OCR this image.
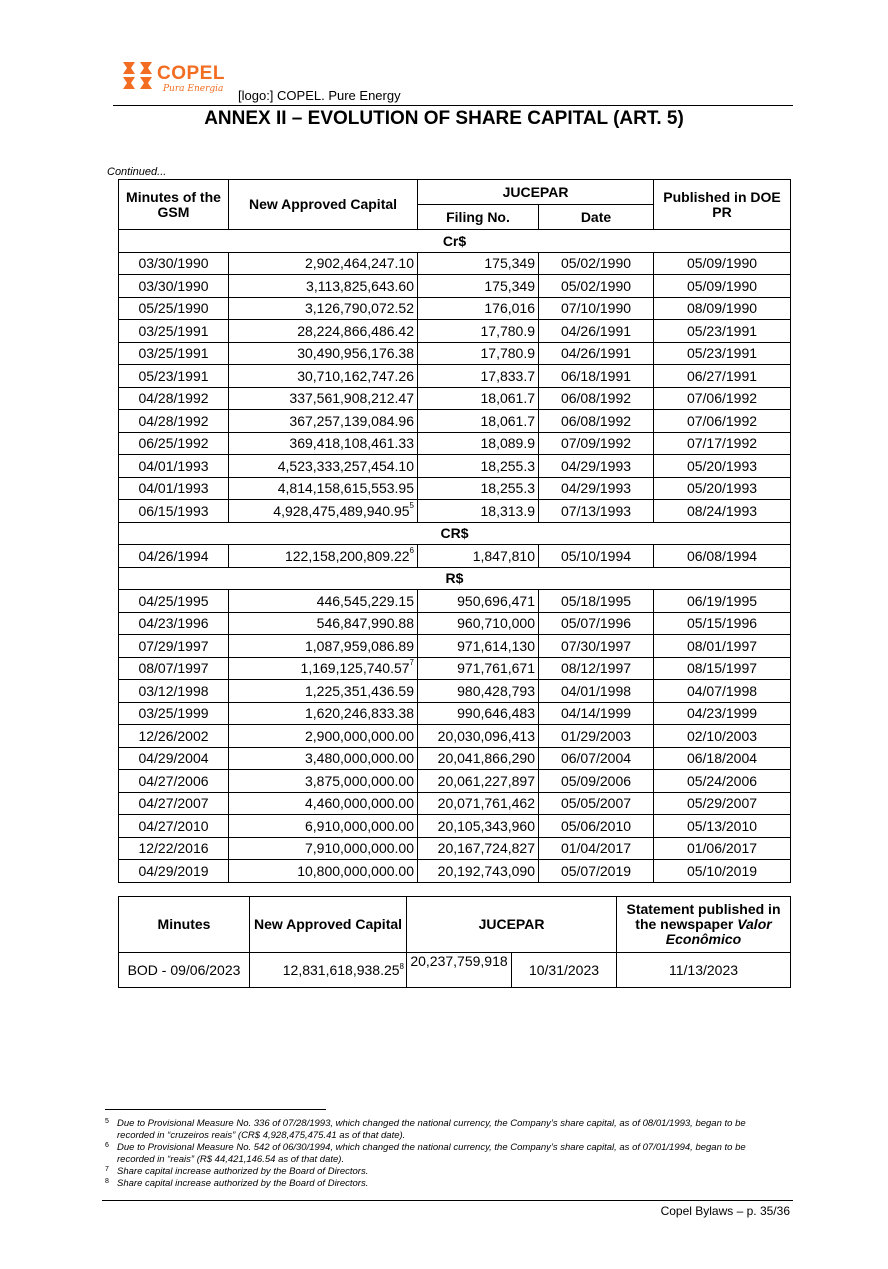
COPEL
Pura Energia [logo:] COPEL. Pure Energy
ANNEX II – EVOLUTION OF SHARE CAPITAL (ART. 5)
Continued...
Minutes of the GSM	New Approved Capital	JUCEPAR		Published in DOE PR
		Filing No.	Date	
Cr$				
03/30/1990	2,902,464,247.10	175,349	05/02/1990	05/09/1990
03/30/1990	3,113,825,643.60	175,349	05/02/1990	05/09/1990
05/25/1990	3,126,790,072.52	176,016	07/10/1990	08/09/1990
03/25/1991	28,224,866,486.42	17,780.9	04/26/1991	05/23/1991
03/25/1991	30,490,956,176.38	17,780.9	04/26/1991	05/23/1991
05/23/1991	30,710,162,747.26	17,833.7	06/18/1991	06/27/1991
04/28/1992	337,561,908,212.47	18,061.7	06/08/1992	07/06/1992
04/28/1992	367,257,139,084.96	18,061.7	06/08/1992	07/06/1992
06/25/1992	369,418,108,461.33	18,089.9	07/09/1992	07/17/1992
04/01/1993	4,523,333,257,454.10	18,255.3	04/29/1993	05/20/1993
04/01/1993	4,814,158,615,553.95	18,255.3	04/29/1993	05/20/1993
06/15/1993	4,928,475,489,940.95$^5$	18,313.9	07/13/1993	08/24/1993
CR$				
04/26/1994	122,158,200,809.22$^6$	1,847,810	05/10/1994	06/08/1994
R$				
04/25/1995	446,545,229.15	950,696,471	05/18/1995	06/19/1995
04/23/1996	546,847,990.88	960,710,000	05/07/1996	05/15/1996
07/29/1997	1,087,959,086.89	971,614,130	07/30/1997	08/01/1997
08/07/1997	1,169,125,740.57$^7$	971,761,671	08/12/1997	08/15/1997
03/12/1998	1,225,351,436.59	980,428,793	04/01/1998	04/07/1998
03/25/1999	1,620,246,833.38	990,646,483	04/14/1999	04/23/1999
12/26/2002	2,900,000,000.00	20,030,096,413	01/29/2003	02/10/2003
04/29/2004	3,480,000,000.00	20,041,866,290	06/07/2004	06/18/2004
04/27/2006	3,875,000,000.00	20,061,227,897	05/09/2006	05/24/2006
04/27/2007	4,460,000,000.00	20,071,761,462	05/05/2007	05/29/2007
04/27/2010	6,910,000,000.00	20,105,343,960	05/06/2010	05/13/2010
12/22/2016	7,910,000,000.00	20,167,724,827	01/04/2017	01/06/2017
04/29/2019	10,800,000,000.00	20,192,743,090	05/07/2019	05/10/2019
Minutes	New Approved Capital	JUCEPAR		Statement published in the newspaper Valor Econômico
BOD - 09/06/2023	12,831,618,938.25$^8$	20,237,759,918	10/31/2023	11/13/2023
5 Due to Provisional Measure No. 336 of 07/28/1993, which changed the national currency, the Company’s share capital, as of 08/01/1993, began to be recorded in “cruzeiros reais” (CR$ 4,928,475,475.41 as of that date).
6 Due to Provisional Measure No. 542 of 06/30/1994, which changed the national currency, the Company’s share capital, as of 07/01/1994, began to be recorded in “reais” (R$ 44,421,146.54 as of that date).
7 Share capital increase authorized by the Board of Directors.
8 Share capital increase authorized by the Board of Directors.
Copel Bylaws – p. 35/36
